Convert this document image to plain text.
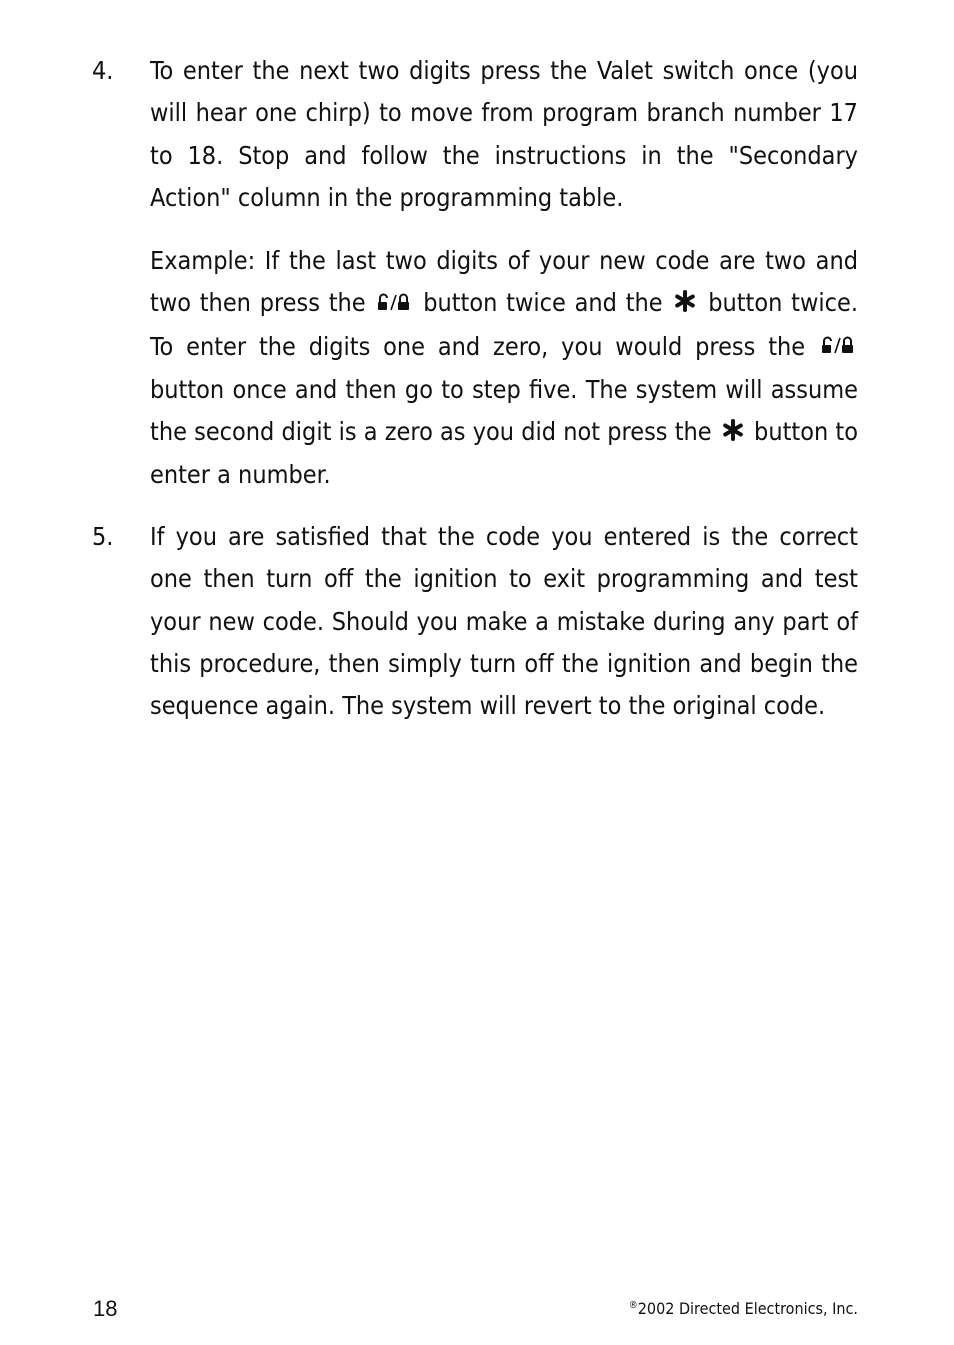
4.	To enter the next two digits press the Valet switch once (you will hear one chirp) to move from program branch number 17 to 18. Stop and follow the instructions in the "Secondary Action" column in the programming table.

Example: If the last two digits of your new code are two and two then press the button twice and the button twice. To enter the digits one and zero, you would press the  button once and then go to step five. The system will assume the second digit is a zero as you did not press the button to enter a number.

5.	If you are satisfied that the code you entered is the correct one then turn off the ignition to exit programming and test your new code. Should you make a mistake during any part of this procedure, then simply turn off the ignition and begin the sequence again. The system will revert to the original code.

18	®2002 Directed Electronics, Inc.
